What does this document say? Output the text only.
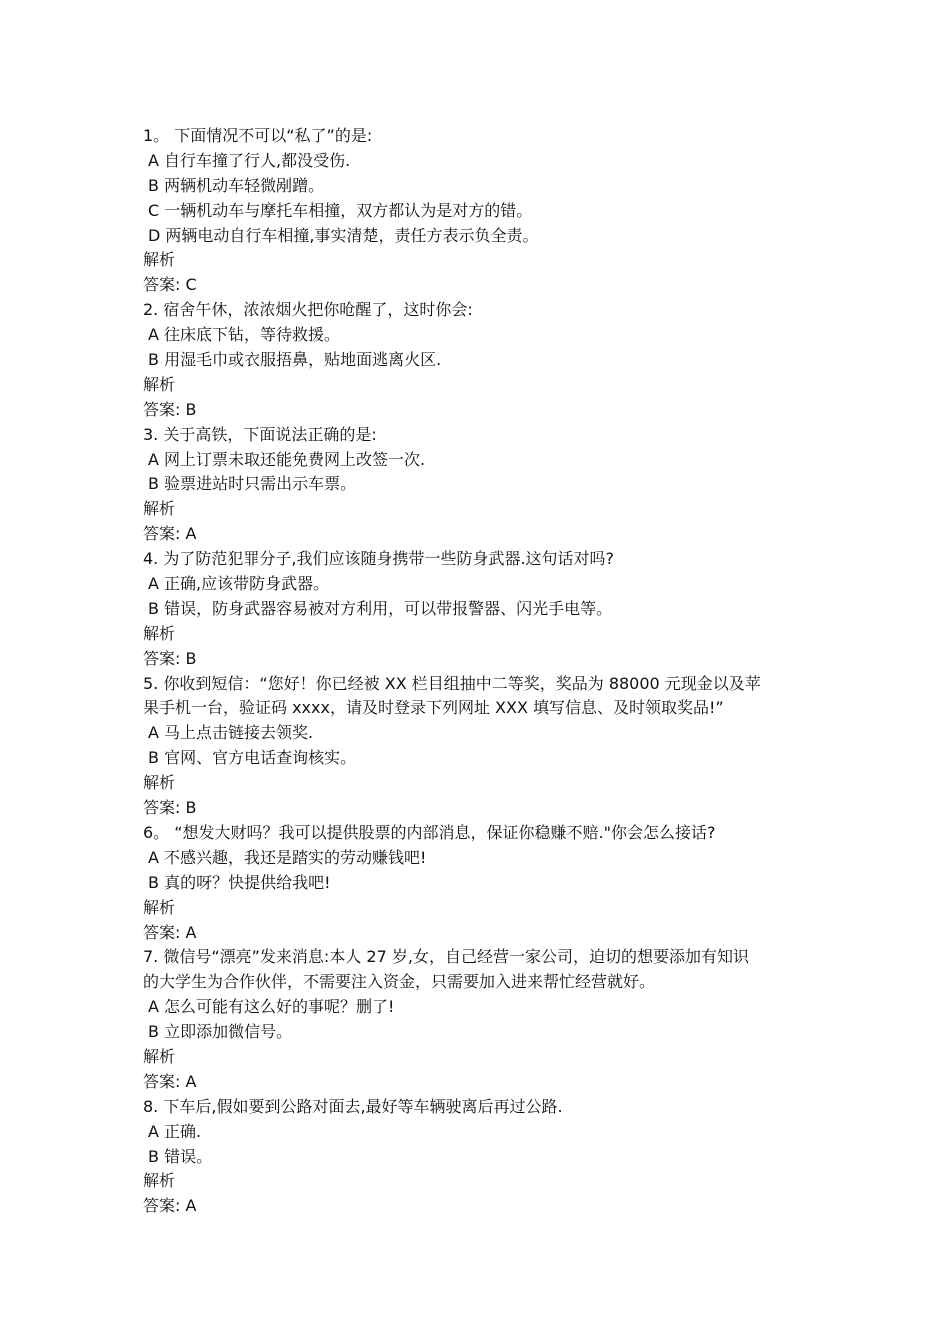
1。 下面情况不可以“私了”的是:
A 自行车撞了行人,都没受伤.
B 两辆机动车轻微剐蹭。
C 一辆机动车与摩托车相撞，双方都认为是对方的错。
D 两辆电动自行车相撞,事实清楚，责任方表示负全责。
解析
答案: C
2. 宿舍午休，浓浓烟火把你呛醒了，这时你会:
A 往床底下钻，等待救援。
B 用湿毛巾或衣服捂鼻，贴地面逃离火区.
解析
答案: B
3. 关于高铁，下面说法正确的是:
A 网上订票未取还能免费网上改签一次.
B 验票进站时只需出示车票。
解析
答案: A
4. 为了防范犯罪分子,我们应该随身携带一些防身武器.这句话对吗?
A 正确,应该带防身武器。
B 错误，防身武器容易被对方利用，可以带报警器、闪光手电等。
解析
答案: B
5. 你收到短信：“您好！你已经被 XX 栏目组抽中二等奖，奖品为 88000 元现金以及苹
果手机一台，验证码 xxxx，请及时登录下列网址 XXX 填写信息、及时领取奖品!”
A 马上点击链接去领奖.
B 官网、官方电话查询核实。
解析
答案: B
6。 “想发大财吗？我可以提供股票的内部消息，保证你稳赚不赔."你会怎么接话?
A 不感兴趣，我还是踏实的劳动赚钱吧!
B 真的呀？快提供给我吧!
解析
答案: A
7. 微信号“漂亮”发来消息:本人 27 岁,女，自己经营一家公司，迫切的想要添加有知识
的大学生为合作伙伴，不需要注入资金，只需要加入进来帮忙经营就好。
A 怎么可能有这么好的事呢？删了!
B 立即添加微信号。
解析
答案: A
8. 下车后,假如要到公路对面去,最好等车辆驶离后再过公路.
A 正确.
B 错误。
解析
答案: A
